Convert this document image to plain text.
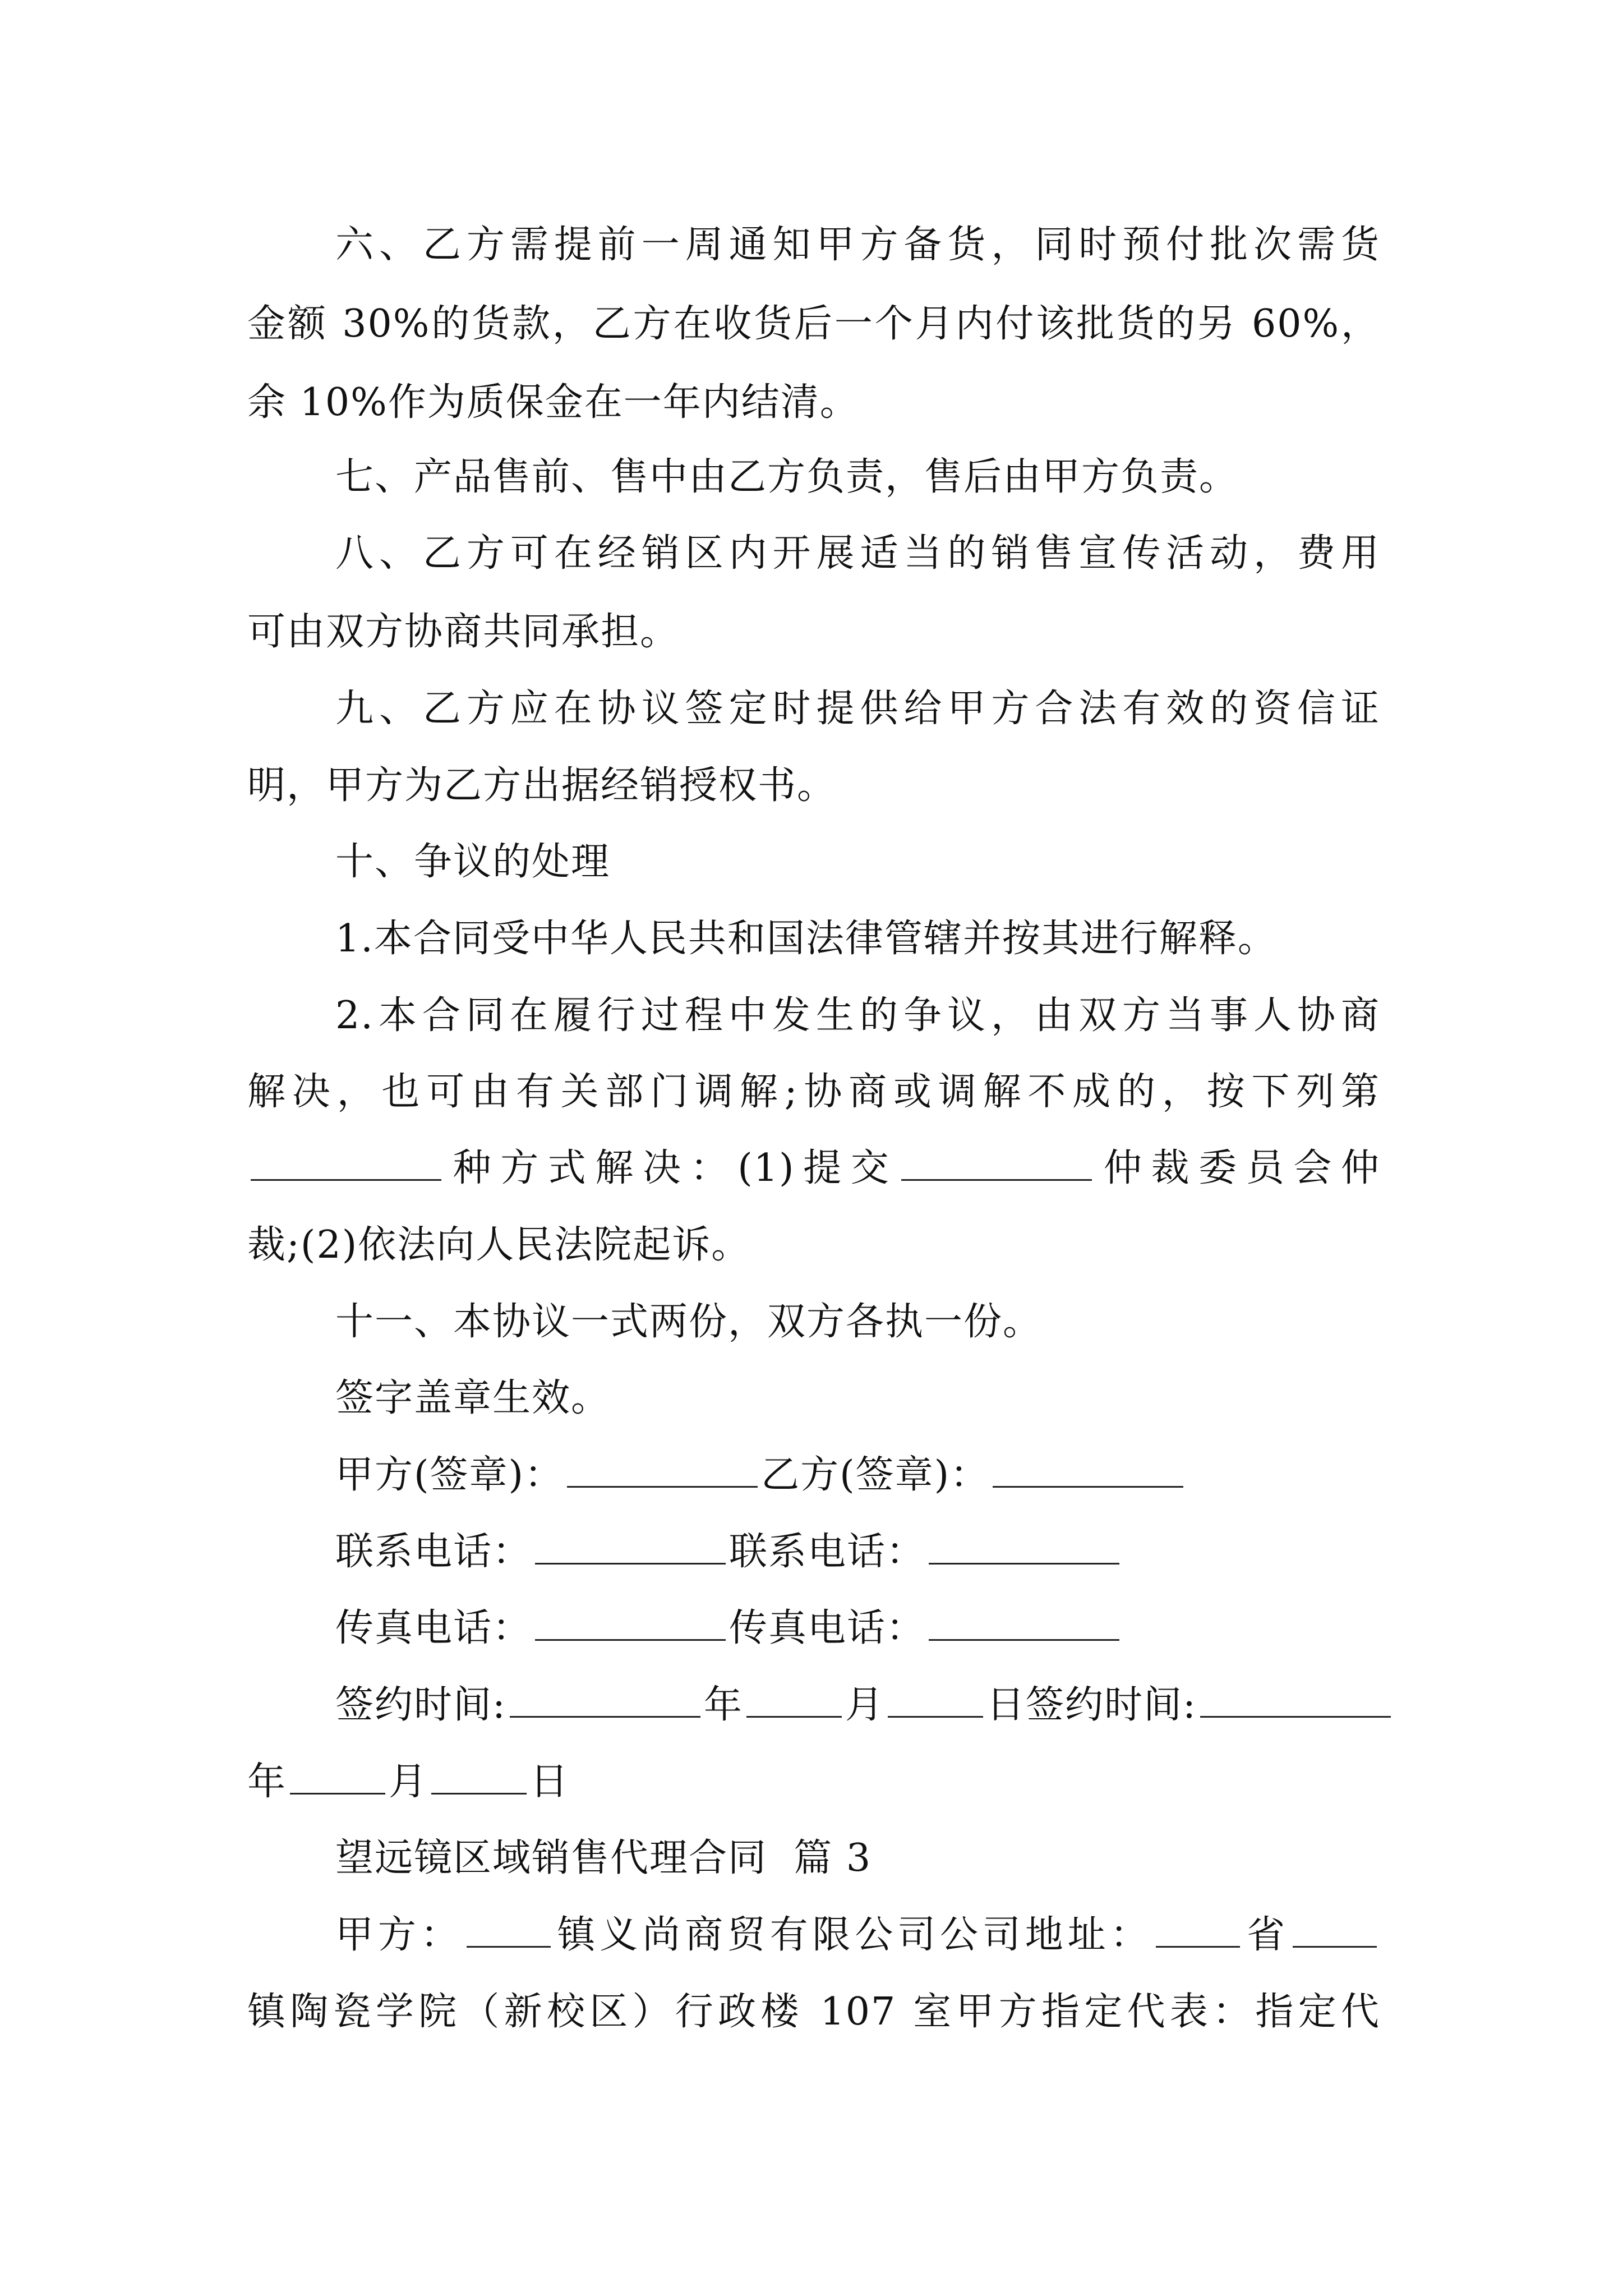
六、乙方需提前一周通知甲方备货，同时预付批次需货
金额 30%的货款，乙方在收货后一个月内付该批货的另 60%，
余 10%作为质保金在一年内结清。
七、产品售前、售中由乙方负责，售后由甲方负责。
八、乙方可在经销区内开展适当的销售宣传活动，费用
可由双方协商共同承担。
九、乙方应在协议签定时提供给甲方合法有效的资信证
明，甲方为乙方出据经销授权书。
十、争议的处理
1.本合同受中华人民共和国法律管辖并按其进行解释。
2.本合同在履行过程中发生的争议，由双方当事人协商
解决，也可由有关部门调解;协商或调解不成的，按下列第
种方式解决：(1)提交	仲裁委员会仲
裁;(2)依法向人民法院起诉。
十一、本协议一式两份，双方各执一份。
签字盖章生效。
甲方(签章)：	乙方(签章)：
联系电话：	联系电话：
传真电话：	传真电话：
签约时间:	年	月	日签约时间:
年	月	日
望远镜区域销售代理合同  篇 3
甲方： 镇义尚商贸有限公司公司地址： 省
镇陶瓷学院（新校区）行政楼 107 室甲方指定代表：指定代
